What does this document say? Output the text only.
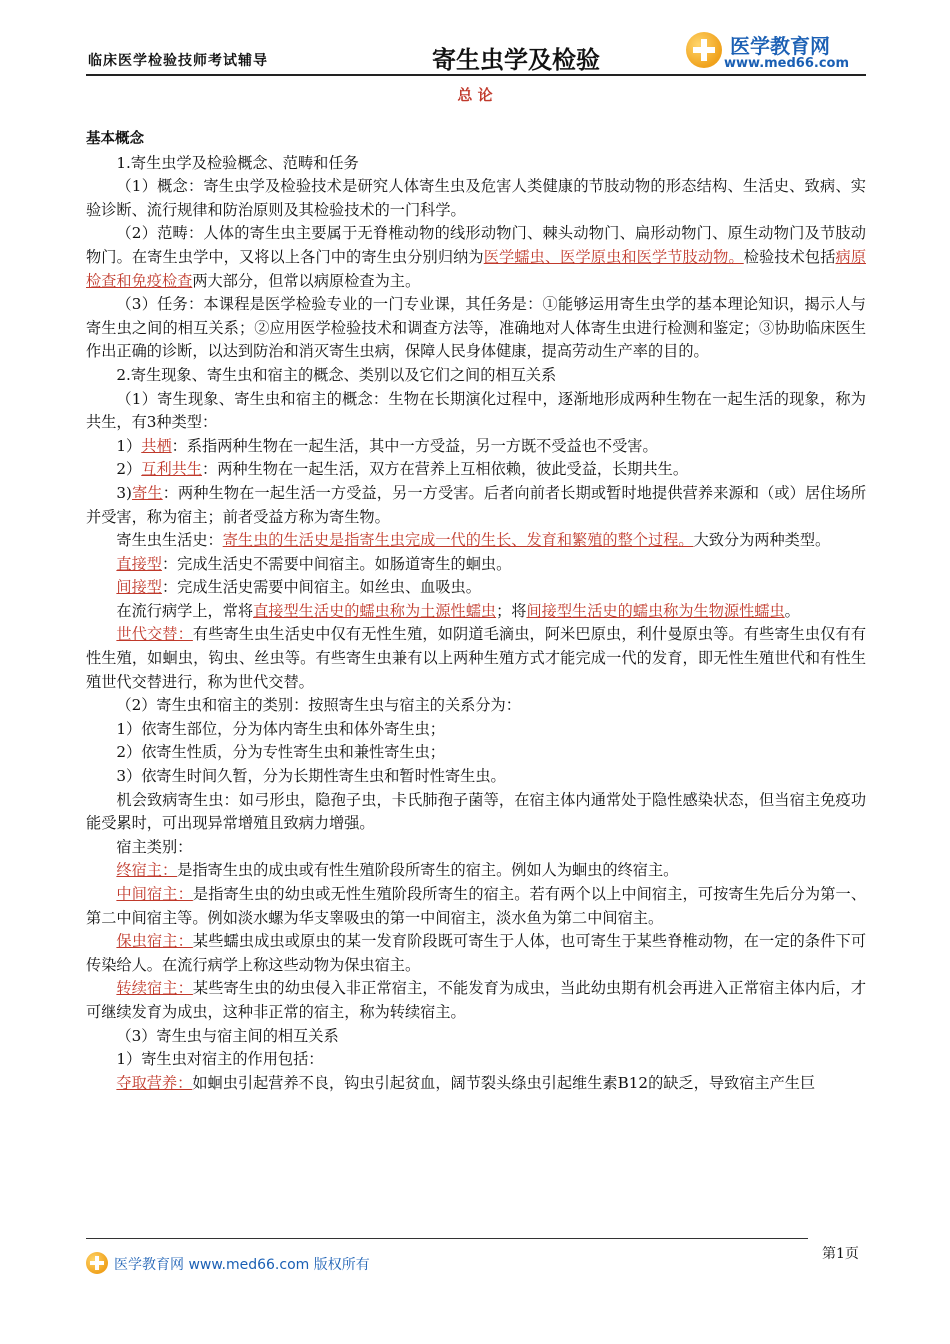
临床医学检验技师考试辅导	寄生虫学及检验	医学教育网
www.med66.com
总 论

基本概念

1.寄生虫学及检验概念、范畴和任务

（1）概念：寄生虫学及检验技术是研究人体寄生虫及危害人类健康的节肢动物的形态结构、生活史、致病、实验诊断、流行规律和防治原则及其检验技术的一门科学。

（2）范畴：人体的寄生虫主要属于无脊椎动物的线形动物门、棘头动物门、扁形动物门、原生动物门及节肢动物门。在寄生虫学中，又将以上各门中的寄生虫分别归纳为医学蠕虫、医学原虫和医学节肢动物。检验技术包括病原检查和免疫检查两大部分，但常以病原检查为主。

（3）任务：本课程是医学检验专业的一门专业课，其任务是：①能够运用寄生虫学的基本理论知识，揭示人与寄生虫之间的相互关系；②应用医学检验技术和调查方法等，准确地对人体寄生虫进行检测和鉴定；③协助临床医生作出正确的诊断，以达到防治和消灭寄生虫病，保障人民身体健康，提高劳动生产率的目的。

2.寄生现象、寄生虫和宿主的概念、类别以及它们之间的相互关系

（1）寄生现象、寄生虫和宿主的概念：生物在长期演化过程中，逐渐地形成两种生物在一起生活的现象，称为共生，有3种类型：

1）共栖：系指两种生物在一起生活，其中一方受益，另一方既不受益也不受害。

2）互利共生：两种生物在一起生活，双方在营养上互相依赖，彼此受益，长期共生。

3)寄生：两种生物在一起生活一方受益，另一方受害。后者向前者长期或暂时地提供营养来源和（或）居住场所并受害，称为宿主；前者受益方称为寄生物。

寄生虫生活史：寄生虫的生活史是指寄生虫完成一代的生长、发育和繁殖的整个过程。大致分为两种类型。

直接型：完成生活史不需要中间宿主。如肠道寄生的蛔虫。

间接型：完成生活史需要中间宿主。如丝虫、血吸虫。

在流行病学上，常将直接型生活史的蠕虫称为土源性蠕虫；将间接型生活史的蠕虫称为生物源性蠕虫。

世代交替：有些寄生虫生活史中仅有无性生殖，如阴道毛滴虫，阿米巴原虫，利什曼原虫等。有些寄生虫仅有有性生殖，如蛔虫，钩虫、丝虫等。有些寄生虫兼有以上两种生殖方式才能完成一代的发育，即无性生殖世代和有性生殖世代交替进行，称为世代交替。

（2）寄生虫和宿主的类别：按照寄生虫与宿主的关系分为：

1）依寄生部位，分为体内寄生虫和体外寄生虫；

2）依寄生性质，分为专性寄生虫和兼性寄生虫；

3）依寄生时间久暂，分为长期性寄生虫和暂时性寄生虫。

机会致病寄生虫：如弓形虫，隐孢子虫，卡氏肺孢子菌等，在宿主体内通常处于隐性感染状态，但当宿主免疫功能受累时，可出现异常增殖且致病力增强。

宿主类别：

终宿主：是指寄生虫的成虫或有性生殖阶段所寄生的宿主。例如人为蛔虫的终宿主。

中间宿主：是指寄生虫的幼虫或无性生殖阶段所寄生的宿主。若有两个以上中间宿主，可按寄生先后分为第一、第二中间宿主等。例如淡水螺为华支睾吸虫的第一中间宿主，淡水鱼为第二中间宿主。

保虫宿主：某些蠕虫成虫或原虫的某一发育阶段既可寄生于人体，也可寄生于某些脊椎动物，在一定的条件下可传染给人。在流行病学上称这些动物为保虫宿主。

转续宿主：某些寄生虫的幼虫侵入非正常宿主，不能发育为成虫，当此幼虫期有机会再进入正常宿主体内后，才可继续发育为成虫，这种非正常的宿主，称为转续宿主。

（3）寄生虫与宿主间的相互关系

1）寄生虫对宿主的作用包括：

夺取营养：如蛔虫引起营养不良，钩虫引起贫血，阔节裂头绦虫引起维生素B12的缺乏，导致宿主产生巨

第1页
医学教育网 www.med66.com 版权所有
